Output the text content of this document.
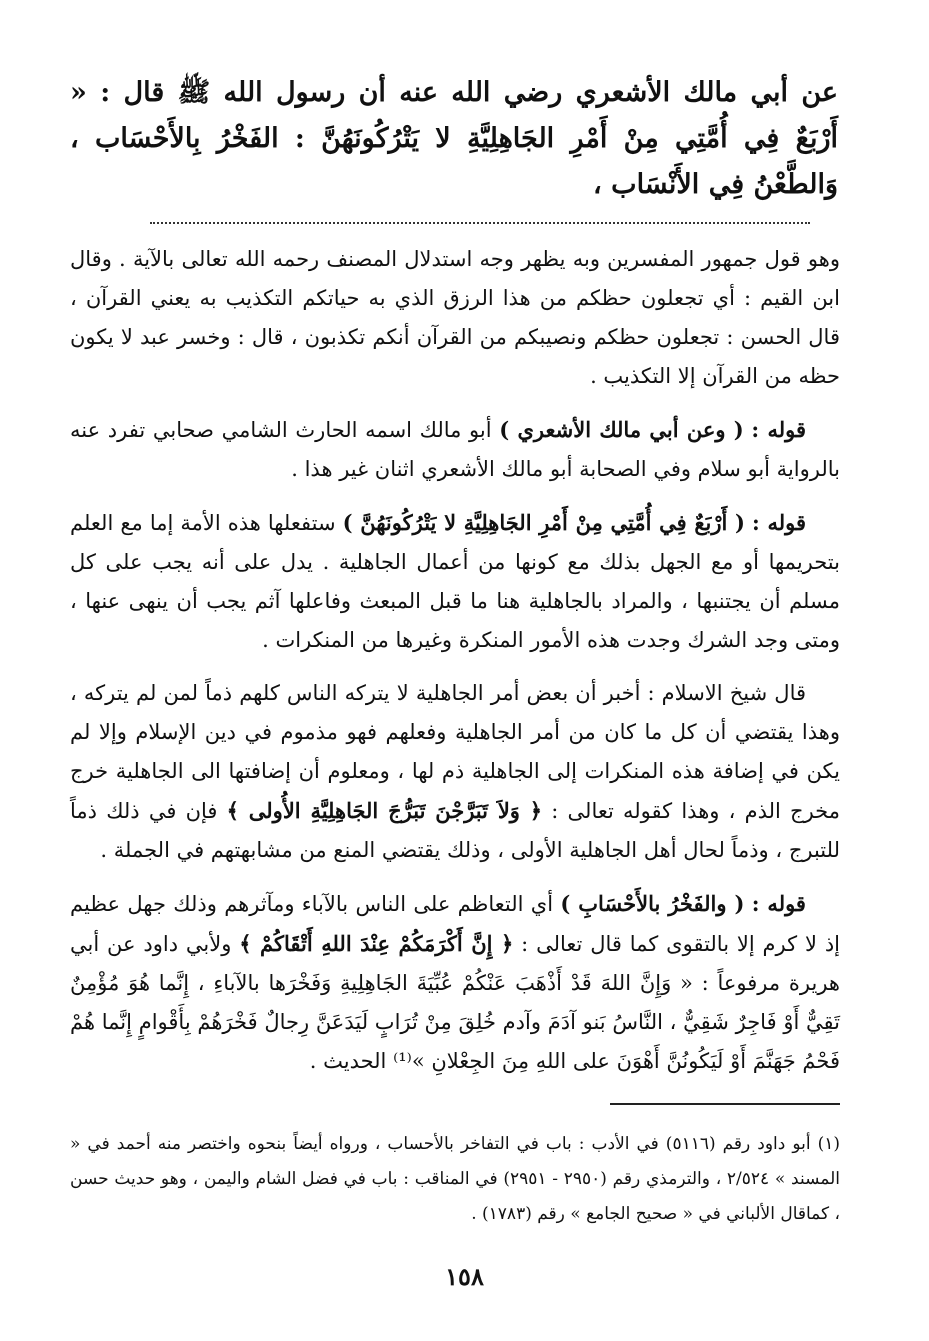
عن أبي مالك الأشعري رضي الله عنه أن رسول الله ﷺ قال : « أَرْبَعٌ فِي أُمَّتِي مِنْ أَمْرِ الجَاهِلِيَّةِ لا يَتْرُكُونَهُنَّ : الفَخْرُ بِالأَحْسَاب ، وَالطَّعْنُ فِي الأَنْسَاب ،

وهو قول جمهور المفسرين وبه يظهر وجه استدلال المصنف رحمه الله تعالى بالآية . وقال ابن القيم : أي تجعلون حظكم من هذا الرزق الذي به حياتكم التكذيب به يعني القرآن ، قال الحسن : تجعلون حظكم ونصيبكم من القرآن أنكم تكذبون ، قال : وخسر عبد لا يكون حظه من القرآن إلا التكذيب .

قوله : ( وعن أبي مالك الأشعري ) أبو مالك اسمه الحارث الشامي صحابي تفرد عنه بالرواية أبو سلام وفي الصحابة أبو مالك الأشعري اثنان غير هذا .

قوله : ( أَرْبَعٌ فِي أُمَّتِي مِنْ أَمْرِ الجَاهِلِيَّةِ لا يَتْرُكُونَهُنَّ ) ستفعلها هذه الأمة إما مع العلم بتحريمها أو مع الجهل بذلك مع كونها من أعمال الجاهلية . يدل على أنه يجب على كل مسلم أن يجتنبها ، والمراد بالجاهلية هنا ما قبل المبعث وفاعلها آثم يجب أن ينهى عنها ، ومتى وجد الشرك وجدت هذه الأمور المنكرة وغيرها من المنكرات .

قال شيخ الاسلام : أخبر أن بعض أمر الجاهلية لا يتركه الناس كلهم ذماً لمن لم يتركه ، وهذا يقتضي أن كل ما كان من أمر الجاهلية وفعلهم فهو مذموم في دين الإسلام وإلا لم يكن في إضافة هذه المنكرات إلى الجاهلية ذم لها ، ومعلوم أن إضافتها الى الجاهلية خرج مخرج الذم ، وهذا كقوله تعالى : ﴿ وَلاَ تَبَرَّجْنَ تَبَرُّجَ الجَاهِلِيَّةِ الأُولى ﴾ فإن في ذلك ذماً للتبرج ، وذماً لحال أهل الجاهلية الأولى ، وذلك يقتضي المنع من مشابهتهم في الجملة .

قوله : ( والفَخْرُ بالأَحْسَابِ ) أي التعاظم على الناس بالآباء ومآثرهم وذلك جهل عظيم إذ لا كرم إلا بالتقوى كما قال تعالى : ﴿ إِنَّ أَكْرَمَكُمْ عِنْدَ اللهِ أَتْقَاكُمْ ﴾ ولأبي داود عن أبي هريرة مرفوعاً : « وَإِنَّ اللهَ قَدْ أَذْهَبَ عَنْكُمْ عُبِّيَةَ الجَاهِلِيةِ وَفَخْرَها بالآباءِ ، إِنَّما هُوَ مُؤْمِنٌ تَقِيٌّ أَوْ فَاجِرٌ شَقِيٌّ ، النَّاسُ بَنو آدَمَ وآدم خُلِقَ مِنْ تُرَابٍ لَيَدَعَنَّ رِجالٌ فَخْرَهُمْ بِأَقْوامٍ إِنَّما هُمْ فَحْمُ جَهَنَّمَ أَوْ لَيَكُونُنَّ أَهْوَنَ على اللهِ مِنَ الجِعْلانِ »⁽¹⁾ الحديث .

(١) أبو داود رقم (٥١١٦) في الأدب : باب في التفاخر بالأحساب ، ورواه أيضاً بنحوه واختصر منه أحمد في « المسند » ٢/٥٢٤ ، والترمذي رقم (٢٩٥٠ - ٢٩٥١) في المناقب : باب في فضل الشام واليمن ، وهو حديث حسن ، كماقال الألباني في « صحيح الجامع » رقم (١٧٨٣) .
١٥٨
